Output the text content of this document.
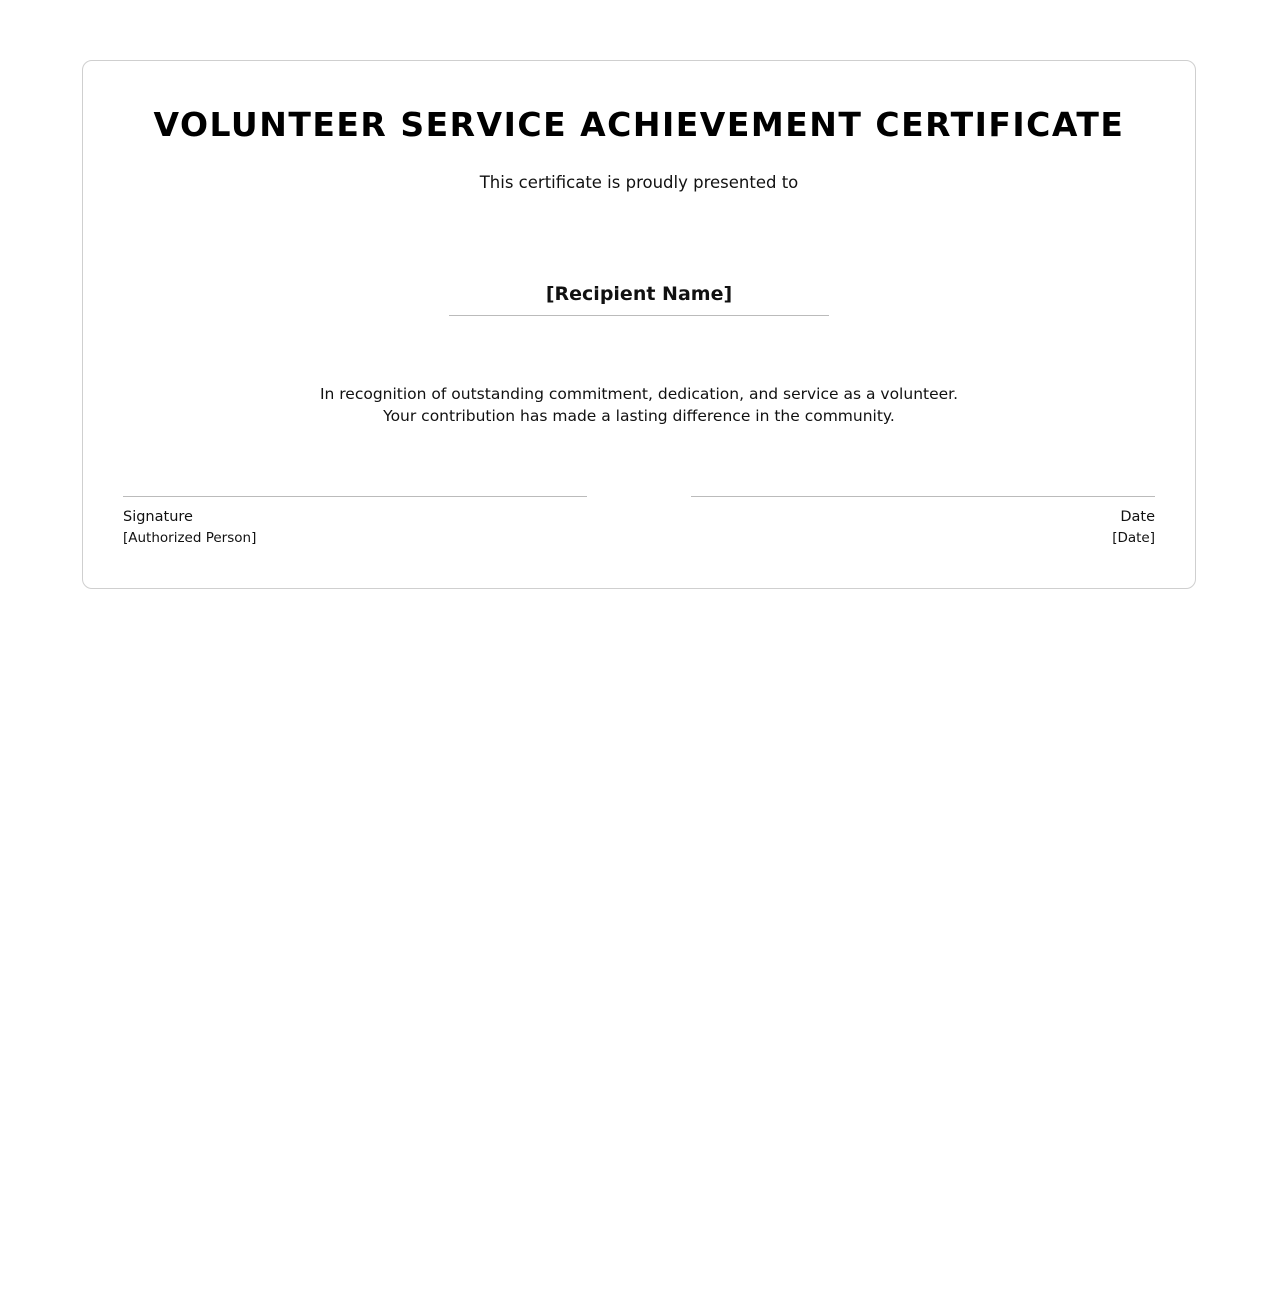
VOLUNTEER SERVICE ACHIEVEMENT CERTIFICATE
This certificate is proudly presented to
[Recipient Name]
In recognition of outstanding commitment, dedication, and service as a volunteer.
Your contribution has made a lasting difference in the community.
Signature
[Authorized Person]
Date
[Date]
